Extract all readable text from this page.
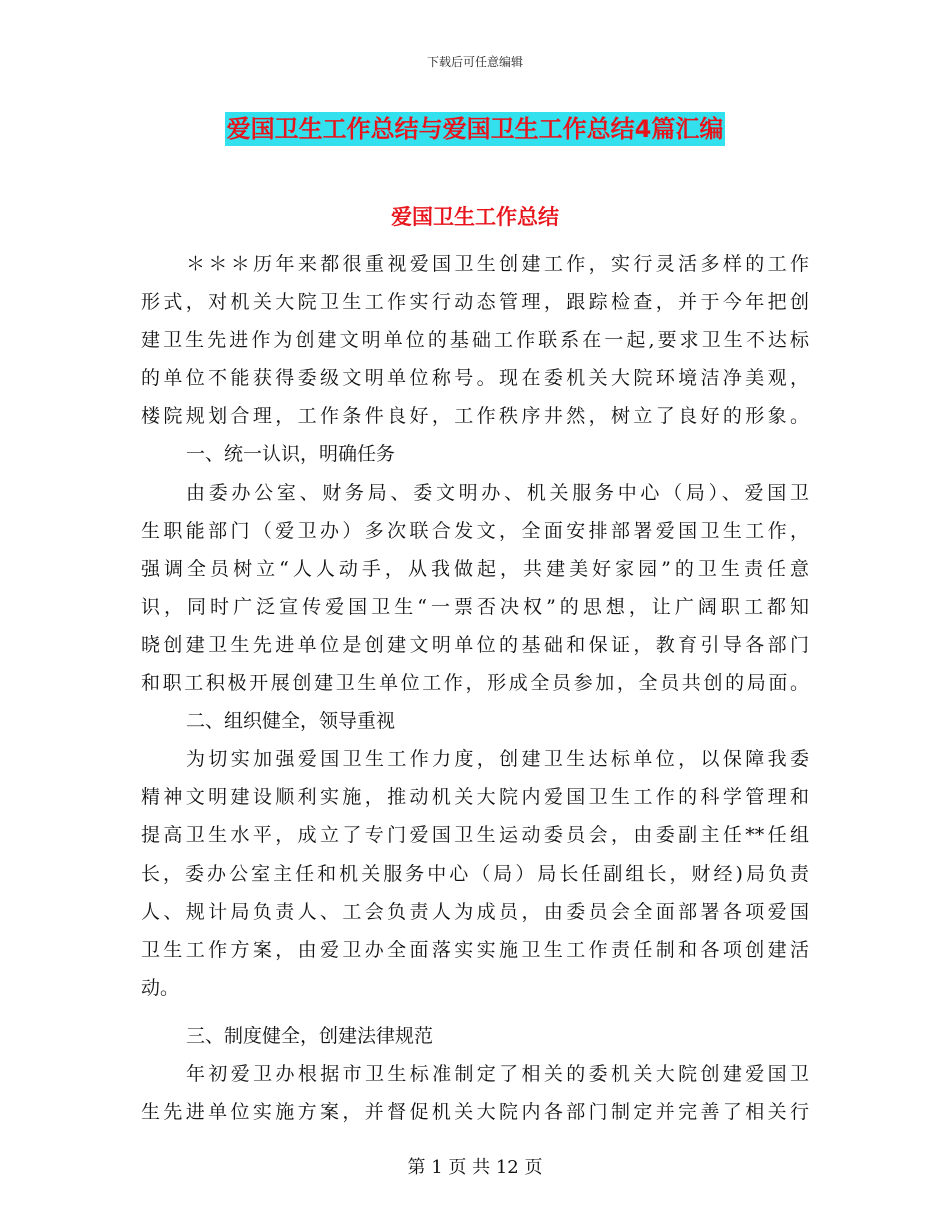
下载后可任意编辑
爱国卫生工作总结与爱国卫生工作总结4篇汇编
爱国卫生工作总结
＊＊＊历年来都很重视爱国卫生创建工作，实行灵活多样的工作
形式，对机关大院卫生工作实行动态管理，跟踪检查，并于今年把创
建卫生先进作为创建文明单位的基础工作联系在一起,要求卫生不达标
的单位不能获得委级文明单位称号。现在委机关大院环境洁净美观，
楼院规划合理，工作条件良好，工作秩序井然，树立了良好的形象。
一、统一认识，明确任务
由委办公室、财务局、委文明办、机关服务中心（局）、爱国卫
生职能部门（爱卫办）多次联合发文，全面安排部署爱国卫生工作，
强调全员树立“人人动手，从我做起，共建美好家园”的卫生责任意
识，同时广泛宣传爱国卫生“一票否决权”的思想，让广阔职工都知
晓创建卫生先进单位是创建文明单位的基础和保证，教育引导各部门
和职工积极开展创建卫生单位工作，形成全员参加，全员共创的局面。
二、组织健全，领导重视
为切实加强爱国卫生工作力度，创建卫生达标单位，以保障我委
精神文明建设顺利实施，推动机关大院内爱国卫生工作的科学管理和
提高卫生水平，成立了专门爱国卫生运动委员会，由委副主任**任组
长，委办公室主任和机关服务中心（局）局长任副组长，财经)局负责
人、规计局负责人、工会负责人为成员，由委员会全面部署各项爱国
卫生工作方案，由爱卫办全面落实实施卫生工作责任制和各项创建活
动。
三、制度健全，创建法律规范
年初爱卫办根据市卫生标准制定了相关的委机关大院创建爱国卫
生先进单位实施方案，并督促机关大院内各部门制定并完善了相关行
第 1 页 共 12 页
